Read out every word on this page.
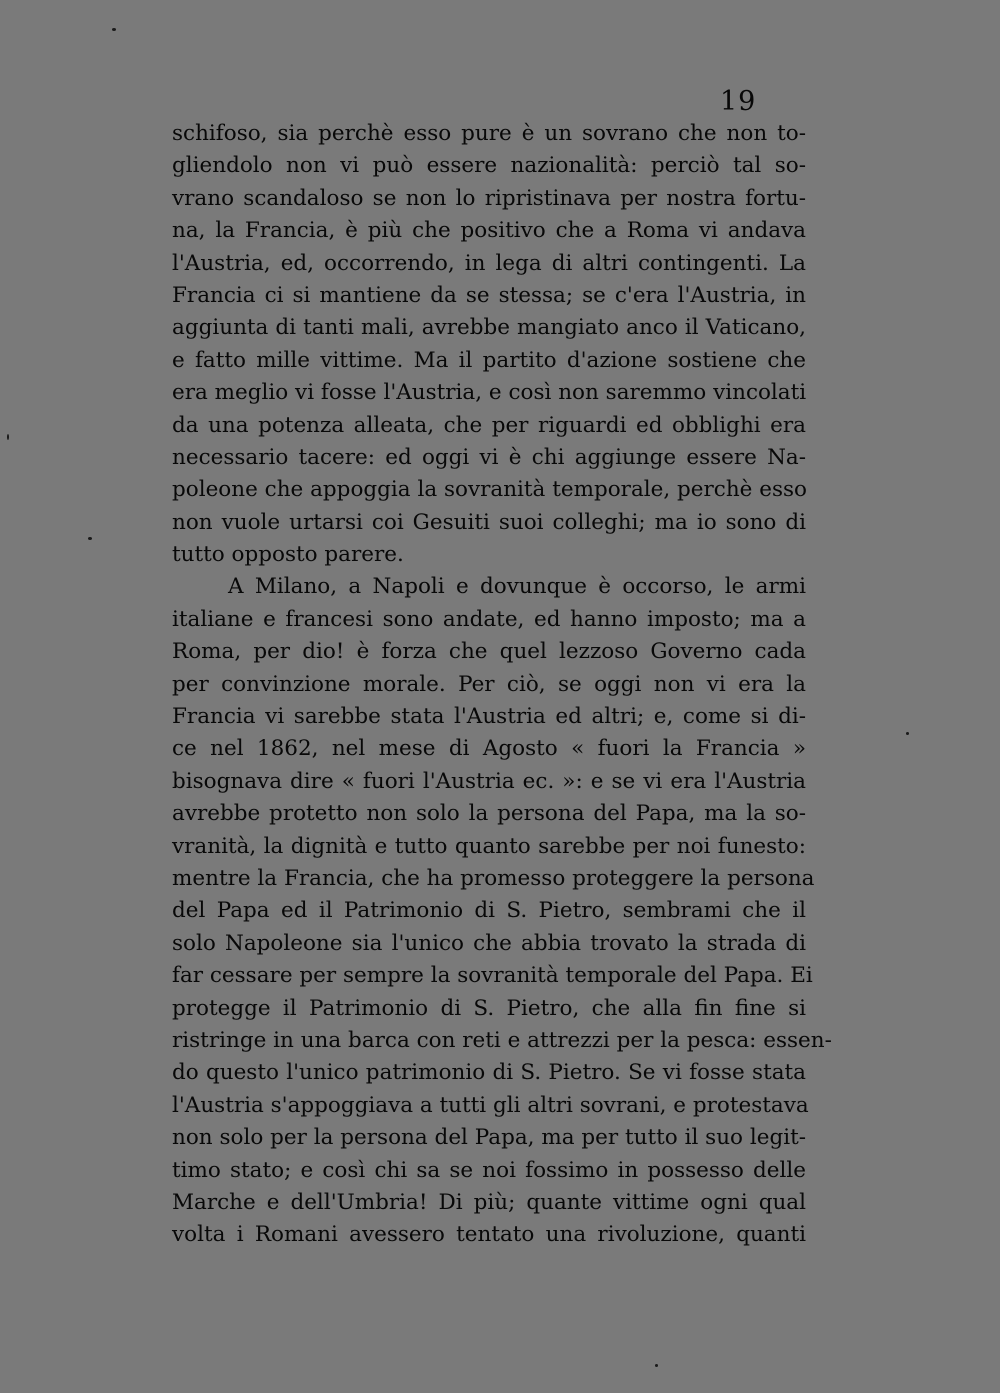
19
schifoso, sia perchè esso pure è un sovrano che non to-
gliendolo non vi può essere nazionalità: perciò tal so-
vrano scandaloso se non lo ripristinava per nostra fortu-
na, la Francia, è più che positivo che a Roma vi andava
l'Austria, ed, occorrendo, in lega di altri contingenti. La
Francia ci si mantiene da se stessa; se c'era l'Austria, in
aggiunta di tanti mali, avrebbe mangiato anco il Vaticano,
e fatto mille vittime. Ma il partito d'azione sostiene che
era meglio vi fosse l'Austria, e così non saremmo vincolati
da una potenza alleata, che per riguardi ed obblighi era
necessario tacere: ed oggi vi è chi aggiunge essere Na-
poleone che appoggia la sovranità temporale, perchè esso
non vuole urtarsi coi Gesuiti suoi colleghi; ma io sono di
tutto opposto parere.
A Milano, a Napoli e dovunque è occorso, le armi
italiane e francesi sono andate, ed hanno imposto; ma a
Roma, per dio! è forza che quel lezzoso Governo cada
per convinzione morale. Per ciò, se oggi non vi era la
Francia vi sarebbe stata l'Austria ed altri; e, come si di-
ce nel 1862, nel mese di Agosto « fuori la Francia »
bisognava dire « fuori l'Austria ec. »: e se vi era l'Austria
avrebbe protetto non solo la persona del Papa, ma la so-
vranità, la dignità e tutto quanto sarebbe per noi funesto:
mentre la Francia, che ha promesso proteggere la persona
del Papa ed il Patrimonio di S. Pietro, sembrami che il
solo Napoleone sia l'unico che abbia trovato la strada di
far cessare per sempre la sovranità temporale del Papa. Ei
protegge il Patrimonio di S. Pietro, che alla fin fine si
ristringe in una barca con reti e attrezzi per la pesca: essen-
do questo l'unico patrimonio di S. Pietro. Se vi fosse stata
l'Austria s'appoggiava a tutti gli altri sovrani, e protestava
non solo per la persona del Papa, ma per tutto il suo legit-
timo stato; e così chi sa se noi fossimo in possesso delle
Marche e dell'Umbria! Di più; quante vittime ogni qual
volta i Romani avessero tentato una rivoluzione, quanti
